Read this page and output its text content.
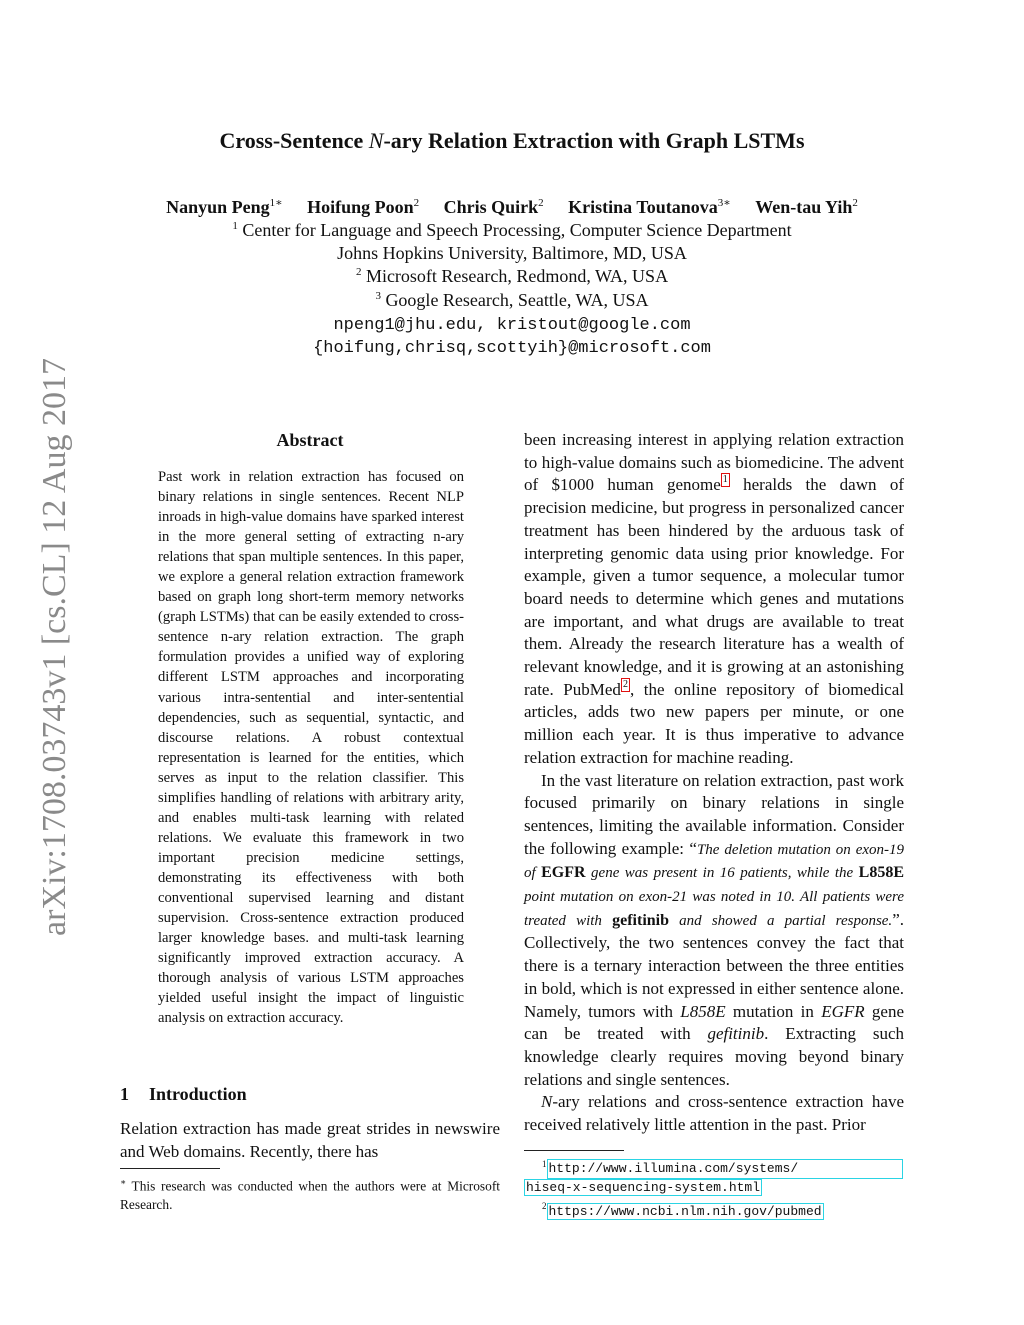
arXiv:1708.03743v1 [cs.CL] 12 Aug 2017
Cross-Sentence N-ary Relation Extraction with Graph LSTMs
Nanyun Peng$^{1∗}$ Hoifung Poon$^2$ Chris Quirk$^2$ Kristina Toutanova$^{3∗}$ Wen-tau Yih$^2$
$^1$ Center for Language and Speech Processing, Computer Science Department
Johns Hopkins University, Baltimore, MD, USA
$^2$ Microsoft Research, Redmond, WA, USA
$^3$ Google Research, Seattle, WA, USA
npeng1@jhu.edu, kristout@google.com
{hoifung,chrisq,scottyih}@microsoft.com
Abstract
Past work in relation extraction has focused on binary relations in single sentences. Recent NLP inroads in high-value domains have sparked interest in the more general setting of extracting n-ary relations that span multiple sentences. In this paper, we explore a general relation extraction framework based on graph long short-term memory networks (graph LSTMs) that can be easily extended to cross-sentence n-ary relation extraction. The graph formulation provides a unified way of exploring different LSTM approaches and incorporating various intra-sentential and inter-sentential dependencies, such as sequential, syntactic, and discourse relations. A robust contextual representation is learned for the entities, which serves as input to the relation classifier. This simplifies handling of relations with arbitrary arity, and enables multi-task learning with related relations. We evaluate this framework in two important precision medicine settings, demonstrating its effectiveness with both conventional supervised learning and distant supervision. Cross-sentence extraction produced larger knowledge bases. and multi-task learning significantly improved extraction accuracy. A thorough analysis of various LSTM approaches yielded useful insight the impact of linguistic analysis on extraction accuracy.
1 Introduction
Relation extraction has made great strides in newswire and Web domains. Recently, there has
∗ This research was conducted when the authors were at Microsoft Research.

been increasing interest in applying relation extraction to high-value domains such as biomedicine. The advent of $1000 human genome 1 heralds the dawn of precision medicine, but progress in personalized cancer treatment has been hindered by the arduous task of interpreting genomic data using prior knowledge. For example, given a tumor sequence, a molecular tumor board needs to determine which genes and mutations are important, and what drugs are available to treat them. Already the research literature has a wealth of relevant knowledge, and it is growing at an astonishing rate. PubMed 2 , the online repository of biomedical articles, adds two new papers per minute, or one million each year. It is thus imperative to advance relation extraction for machine reading.

In the vast literature on relation extraction, past work focused primarily on binary relations in single sentences, limiting the available information. Consider the following example: “The deletion mutation on exon-19 of EGFR gene was present in 16 patients, while the L858E point mutation on exon-21 was noted in 10. All patients were treated with gefitinib and showed a partial response.”. Collectively, the two sentences convey the fact that there is a ternary interaction between the three entities in bold, which is not expressed in either sentence alone. Namely, tumors with L858E mutation in EGFR gene can be treated with gefitinib. Extracting such knowledge clearly requires moving beyond binary relations and single sentences.

N-ary relations and cross-sentence extraction have received relatively little attention in the past. Prior

$^1$ http://www.illumina.com/systems/
hiseq-x-sequencing-system.html
$^2$ https://www.ncbi.nlm.nih.gov/pubmed
